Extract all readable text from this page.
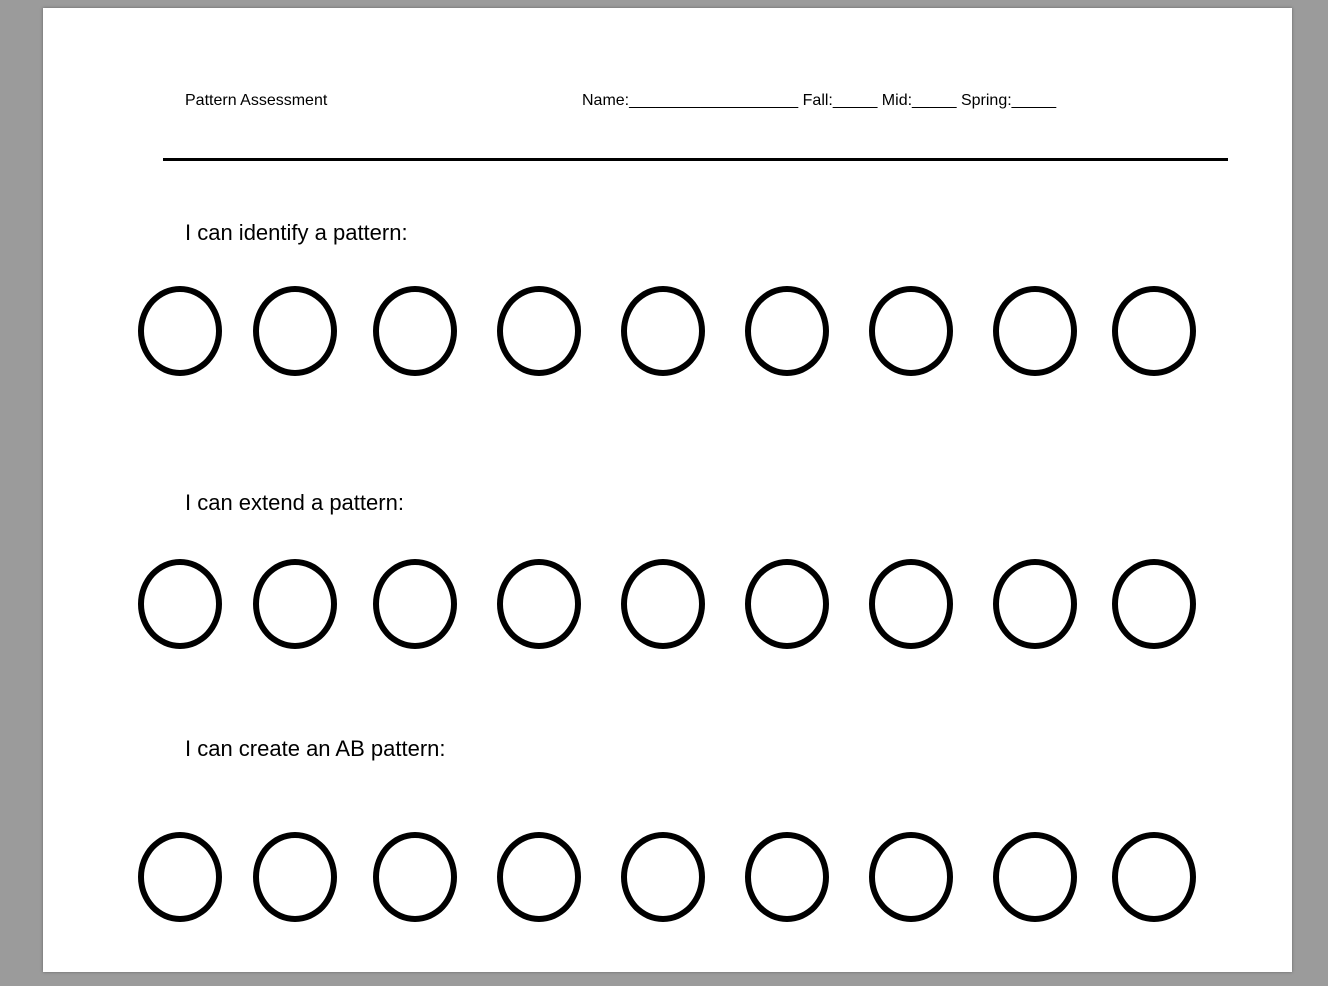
Pattern Assessment	Name:___________________ Fall:_____ Mid:_____ Spring:_____
I can identify a pattern:
I can extend a pattern:
I can create an AB pattern:
